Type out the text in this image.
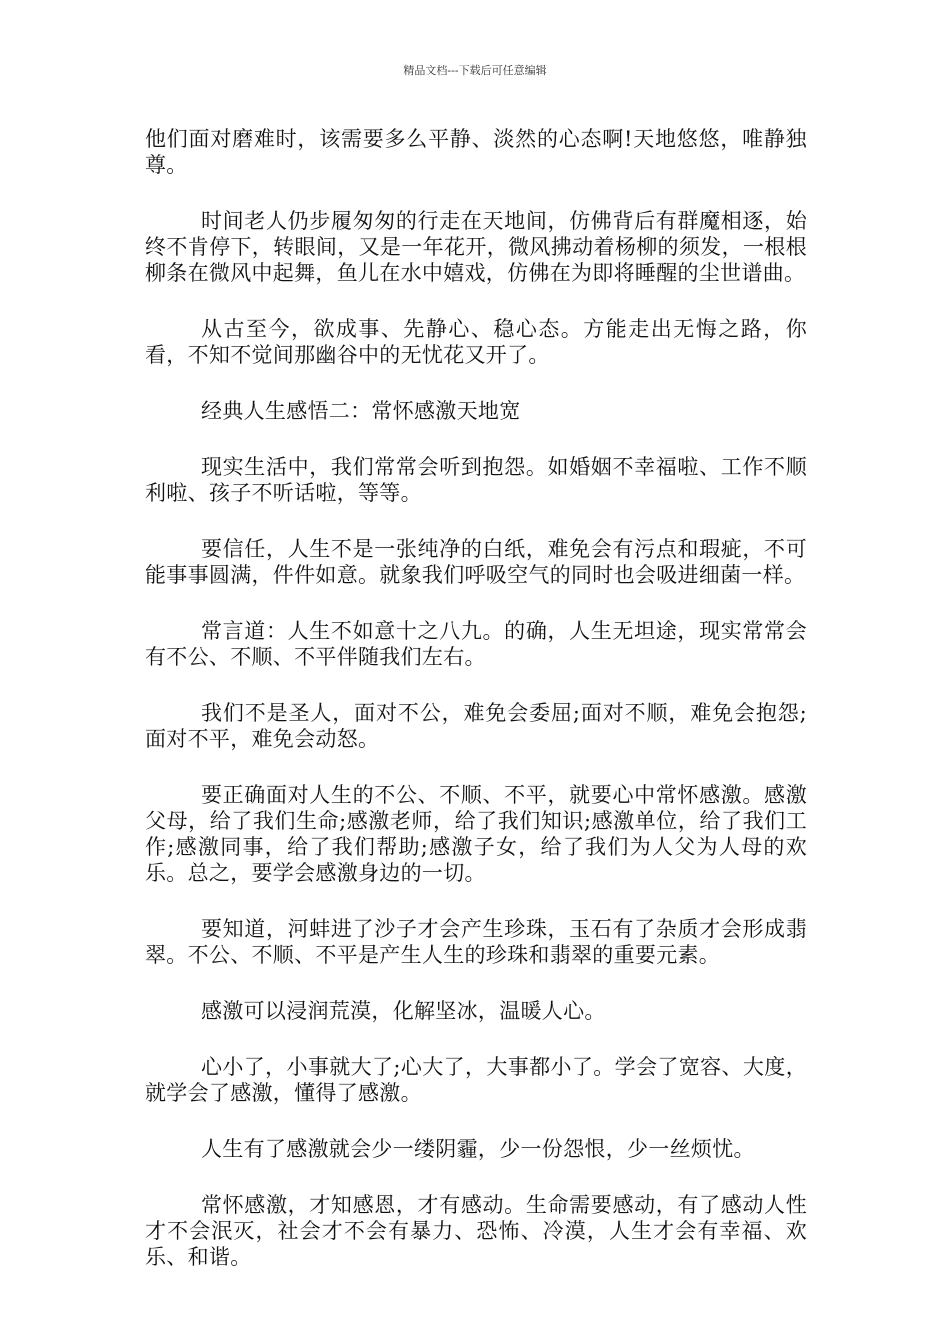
精品文档---下载后可任意编辑

他们面对磨难时，该需要多么平静、淡然的心态啊!天地悠悠，唯静独尊。

时间老人仍步履匆匆的行走在天地间，仿佛背后有群魔相逐，始终不肯停下，转眼间，又是一年花开，微风拂动着杨柳的须发，一根根柳条在微风中起舞，鱼儿在水中嬉戏，仿佛在为即将睡醒的尘世谱曲。

从古至今，欲成事、先静心、稳心态。方能走出无悔之路，你看，不知不觉间那幽谷中的无忧花又开了。

经典人生感悟二：常怀感激天地宽

现实生活中，我们常常会听到抱怨。如婚姻不幸福啦、工作不顺利啦、孩子不听话啦，等等。

要信任，人生不是一张纯净的白纸，难免会有污点和瑕疵，不可能事事圆满，件件如意。就象我们呼吸空气的同时也会吸进细菌一样。

常言道：人生不如意十之八九。的确，人生无坦途，现实常常会有不公、不顺、不平伴随我们左右。

我们不是圣人，面对不公，难免会委屈;面对不顺，难免会抱怨;面对不平，难免会动怒。

要正确面对人生的不公、不顺、不平，就要心中常怀感激。感激父母，给了我们生命;感激老师，给了我们知识;感激单位，给了我们工作;感激同事，给了我们帮助;感激子女，给了我们为人父为人母的欢乐。总之，要学会感激身边的一切。

要知道，河蚌进了沙子才会产生珍珠，玉石有了杂质才会形成翡翠。不公、不顺、不平是产生人生的珍珠和翡翠的重要元素。

感激可以浸润荒漠，化解坚冰，温暖人心。

心小了，小事就大了;心大了，大事都小了。学会了宽容、大度，就学会了感激，懂得了感激。

人生有了感激就会少一缕阴霾，少一份怨恨，少一丝烦忧。

常怀感激，才知感恩，才有感动。生命需要感动，有了感动人性才不会泯灭，社会才不会有暴力、恐怖、冷漠，人生才会有幸福、欢乐、和谐。
